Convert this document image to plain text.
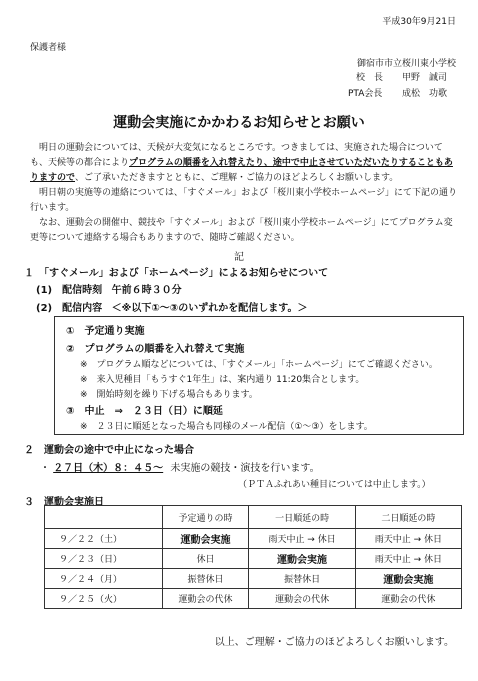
平成30年9月21日
保護者様
御宿市市立桜川東小学校
校　長 甲野　誠司
PTA会長 成松　功歌
運動会実施にかかわるお知らせとお願い
　明日の運動会については、天候が大変気になるところです。つきましては、実施された場合についても、天候等の都合によりプログラムの順番を入れ替えたり、途中で中止させていただいたりすることもありますので、ご了承いただきますとともに、ご理解・ご協力のほどよろしくお願いします。
　明日朝の実施等の連絡については、「すぐメール」および「桜川東小学校ホームページ」にて下記の通り行います。
　なお、運動会の開催中、競技や「すぐメール」および「桜川東小学校ホームページ」にてプログラム変更等について連絡する場合もありますので、随時ご確認ください。
記
１　「すぐメール」および「ホームページ」によるお知らせについて
(1)　配信時刻 午前６時３０分
(2)　配信内容 ＜※以下①～③のいずれかを配信します。＞
①　予定通り実施
②　プログラムの順番を入れ替えて実施
※　プログラム順などについては、「すぐメール」「ホームページ」にてご確認ください。
※　来入児種目「もうすぐ1年生」は、案内通り 11:20集合とします。
※　開始時刻を繰り下げる場合もあります。
③　中止　⇒　２３日（日）に順延
※　２３日に順延となった場合も同様のメール配信（①～③）をします。
２　運動会の途中で中止になった場合
・ ２７日（木）８：４５～ 未実施の競技・演技を行います。
（ＰＴＡふれあい種目については中止します。）
３　運動会実施日
	予定通りの時	一日順延の時	二日順延の時
９／２２（土）	運動会実施	雨天中止 → 休日	雨天中止 → 休日
９／２３（日）	休日	運動会実施	雨天中止 → 休日
９／２４（月）	振替休日	振替休日	運動会実施
９／２５（火）	運動会の代休	運動会の代休	運動会の代休
以上、ご理解・ご協力のほどよろしくお願いします。
